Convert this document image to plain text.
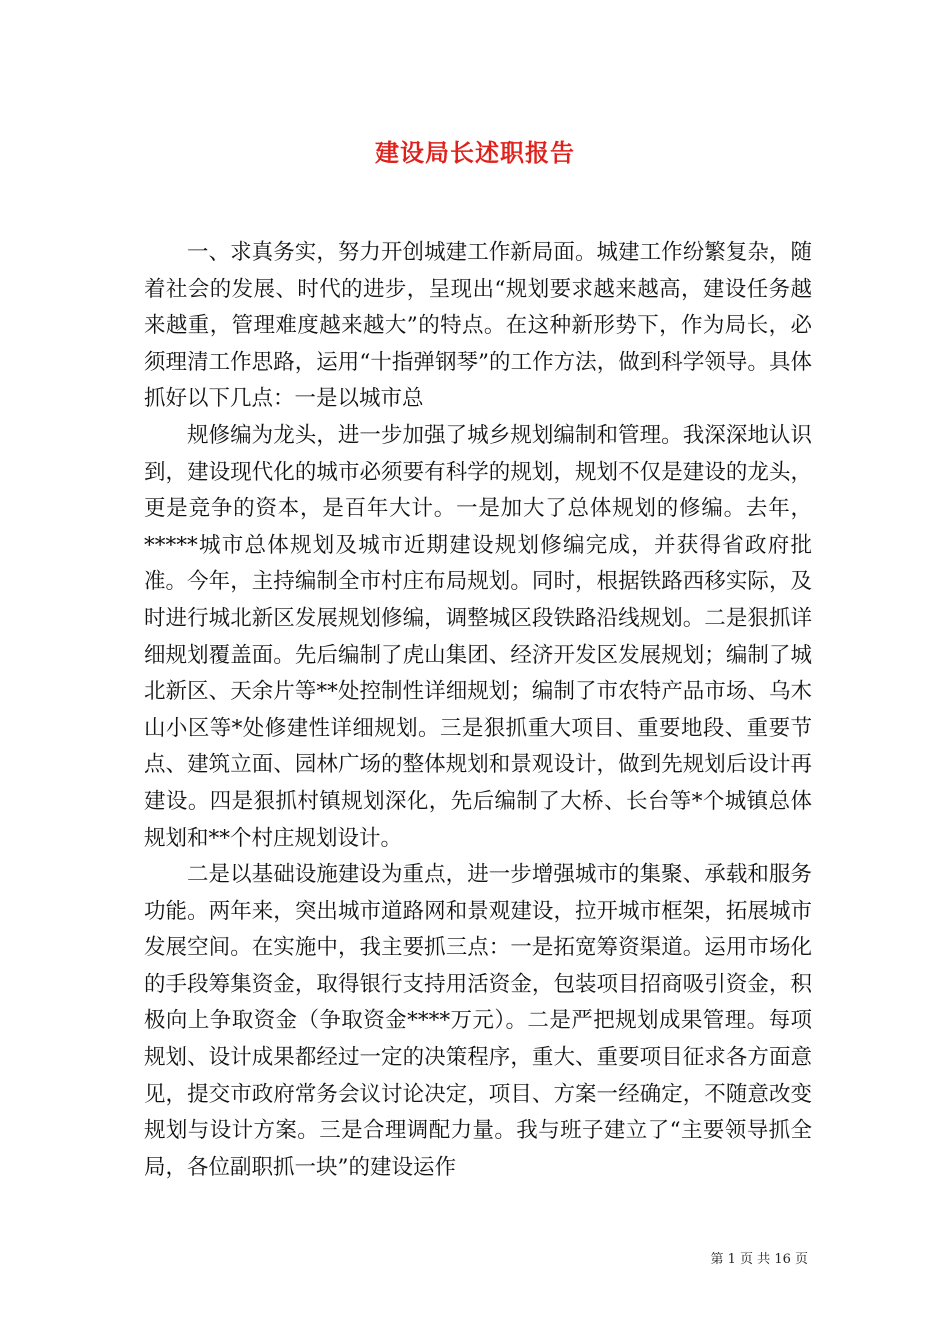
建设局长述职报告

一、求真务实，努力开创城建工作新局面。城建工作纷繁复杂，随着社会的发展、时代的进步，呈现出“规划要求越来越高，建设任务越来越重，管理难度越来越大”的特点。在这种新形势下，作为局长，必须理清工作思路，运用“十指弹钢琴”的工作方法，做到科学领导。具体抓好以下几点：一是以城市总

规修编为龙头，进一步加强了城乡规划编制和管理。我深深地认识到，建设现代化的城市必须要有科学的规划，规划不仅是建设的龙头，更是竞争的资本，是百年大计。一是加大了总体规划的修编。去年，*****城市总体规划及城市近期建设规划修编完成，并获得省政府批准。今年，主持编制全市村庄布局规划。同时，根据铁路西移实际，及时进行城北新区发展规划修编，调整城区段铁路沿线规划。二是狠抓详细规划覆盖面。先后编制了虎山集团、经济开发区发展规划；编制了城北新区、天余片等**处控制性详细规划；编制了市农特产品市场、乌木山小区等*处修建性详细规划。三是狠抓重大项目、重要地段、重要节点、建筑立面、园林广场的整体规划和景观设计，做到先规划后设计再建设。四是狠抓村镇规划深化，先后编制了大桥、长台等*个城镇总体规划和**个村庄规划设计。

二是以基础设施建设为重点，进一步增强城市的集聚、承载和服务功能。两年来，突出城市道路网和景观建设，拉开城市框架，拓展城市发展空间。在实施中，我主要抓三点：一是拓宽筹资渠道。运用市场化的手段筹集资金，取得银行支持用活资金，包装项目招商吸引资金，积极向上争取资金（争取资金****万元）。二是严把规划成果管理。每项规划、设计成果都经过一定的决策程序，重大、重要项目征求各方面意见，提交市政府常务会议讨论决定，项目、方案一经确定，不随意改变规划与设计方案。三是合理调配力量。我与班子建立了“主要领导抓全局，各位副职抓一块”的建设运作

第 1 页 共 16 页
